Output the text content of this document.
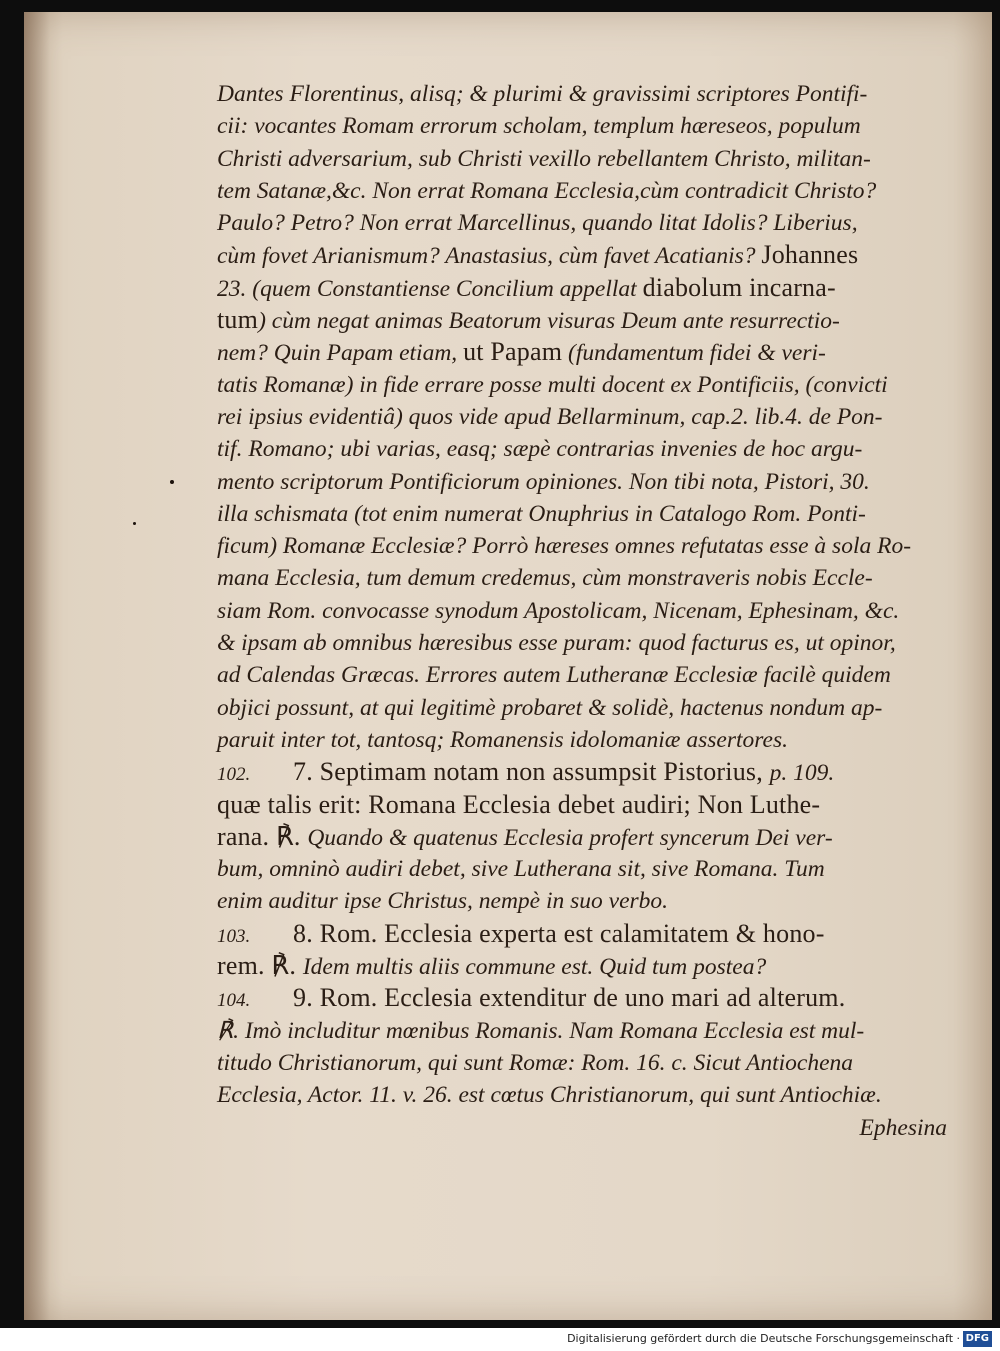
Dantes Florentinus, alisq; & plurimi & gravissimi scriptores Pontifi-
cii: vocantes Romam errorum scholam, templum hæreseos, populum
Christi adversarium, sub Christi vexillo rebellantem Christo, militan-
tem Satanæ,&c. Non errat Romana Ecclesia,cùm contradicit Christo?
Paulo? Petro? Non errat Marcellinus, quando litat Idolis? Liberius,
cùm fovet Arianismum? Anastasius, cùm favet Acatianis? Johannes
23. (quem Constantiense Concilium appellat diabolum incarna-
tum) cùm negat animas Beatorum visuras Deum ante resurrectio-
nem? Quin Papam etiam, ut Papam (fundamentum fidei & veri-
tatis Romanæ) in fide errare posse multi docent ex Pontificiis, (convicti
rei ipsius evidentiâ) quos vide apud Bellarminum, cap.2. lib.4. de Pon-
tif. Romano; ubi varias, easq; sæpè contrarias invenies de hoc argu-
mento scriptorum Pontificiorum opiniones. Non tibi nota, Pistori, 30.
illa schismata (tot enim numerat Onuphrius in Catalogo Rom. Ponti-
ficum) Romanæ Ecclesiæ? Porrò hæreses omnes refutatas esse à sola Ro-
mana Ecclesia, tum demum credemus, cùm monstraveris nobis Eccle-
siam Rom. convocasse synodum Apostolicam, Nicenam, Ephesinam, &c.
& ipsam ab omnibus hæresibus esse puram: quod facturus es, ut opinor,
ad Calendas Græcas. Errores autem Lutheranæ Ecclesiæ facilè quidem
objici possunt, at qui legitimè probaret & solidè, hactenus nondum ap-
paruit inter tot, tantosq; Romanensis idolomaniæ assertores.
102. 7. Septimam notam non assumpsit Pistorius, p. 109.
quæ talis erit: Romana Ecclesia debet audiri; Non Luthe-
rana. ℟. Quando & quatenus Ecclesia profert syncerum Dei ver-
bum, omninò audiri debet, sive Lutherana sit, sive Romana. Tum
enim auditur ipse Christus, nempè in suo verbo.
103. 8. Rom. Ecclesia experta est calamitatem & hono-
rem. ℟. Idem multis aliis commune est. Quid tum postea?
104. 9. Rom. Ecclesia extenditur de uno mari ad alterum.
℟. Imò includitur mœnibus Romanis. Nam Romana Ecclesia est mul-
titudo Christianorum, qui sunt Romæ: Rom. 16. c. Sicut Antiochena
Ecclesia, Actor. 11. v. 26. est cœtus Christianorum, qui sunt Antiochiæ.
Ephesina
Digitalisierung gefördert durch die Deutsche Forschungsgemeinschaft · DFG
